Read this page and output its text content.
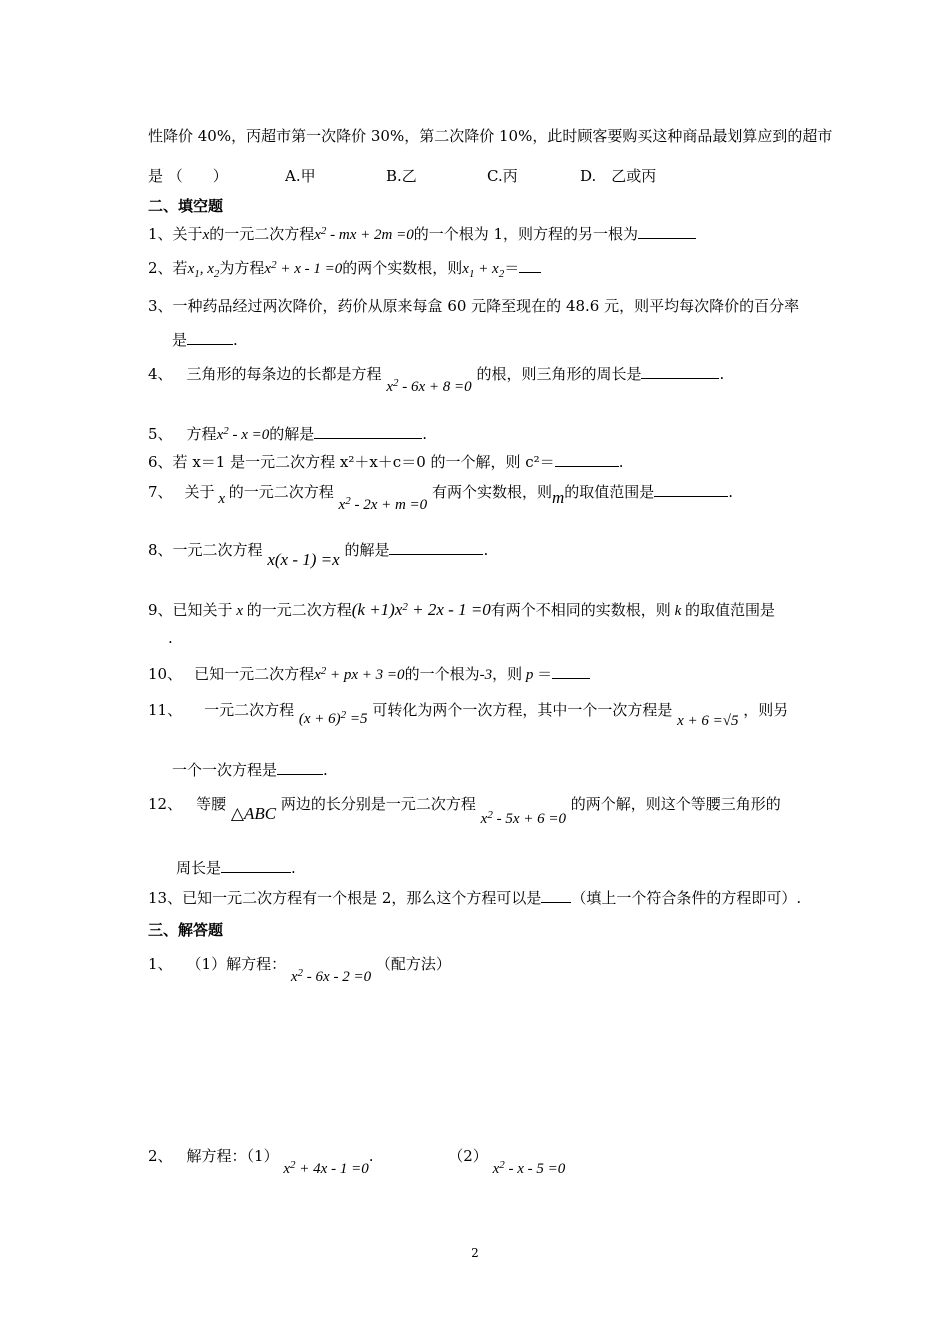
性降价 40%，丙超市第一次降价 30%，第二次降价 10%，此时顾客要购买这种商品最划算应到的超市
是 （　　）	A.甲	B.乙	C.丙	D.　乙或丙
二、填空题
1、关于x的一元二次方程$x^2$ - mx + 2m =0的一个根为 1，则方程的另一根为
2、若$x_1$, $x_2$为方程$x^2 + x - 1 =0$的两个实数根，则$x_1 + x_2=$
3、一种药品经过两次降价，药价从原来每盒 60 元降至现在的 48.6 元，则平均每次降价的百分率
是	.
4、 三角形的每条边的长都是方程 $x^2 - 6x + 8 =0$ 的根，则三角形的周长是	.
5、 方程$x^2 - x =0$的解是	.
6、若 x＝1 是一元二次方程 x²＋x＋c＝0 的一个解，则 c²＝	.
7、 关于 x 的一元二次方程 $x^2 - 2x + m =0$ 有两个实数根，则m的取值范围是	.
8、一元二次方程 x(x - 1) =x 的解是	.
9、已知关于 x 的一元二次方程$(k +1)x^2 + 2x - 1 =0$有两个不相同的实数根，则 k 的取值范围是
.
10、 已知一元二次方程$x^2$ + px + 3 =0的一个根为-3，则 p ＝
11、 一元二次方程 $(x + 6)^2 =5$ 可转化为两个一次方程，其中一个一次方程是 x + 6 =√5 ，则另
一个一次方程是	.
12、 等腰 △ABC 两边的长分别是一元二次方程 $x^2 - 5x + 6 =0$ 的两个解，则这个等腰三角形的
周长是	.
13、已知一元二次方程有一个根是 2，那么这个方程可以是 （填上一个符合条件的方程即可）.
三、解答题
1、 （1）解方程： $x^2 - 6x - 2 =0$ （配方法）
2、 解方程：（1） $x^2 + 4x - 1 =0$.	（2） $x^2 - x - 5 =0$
2
